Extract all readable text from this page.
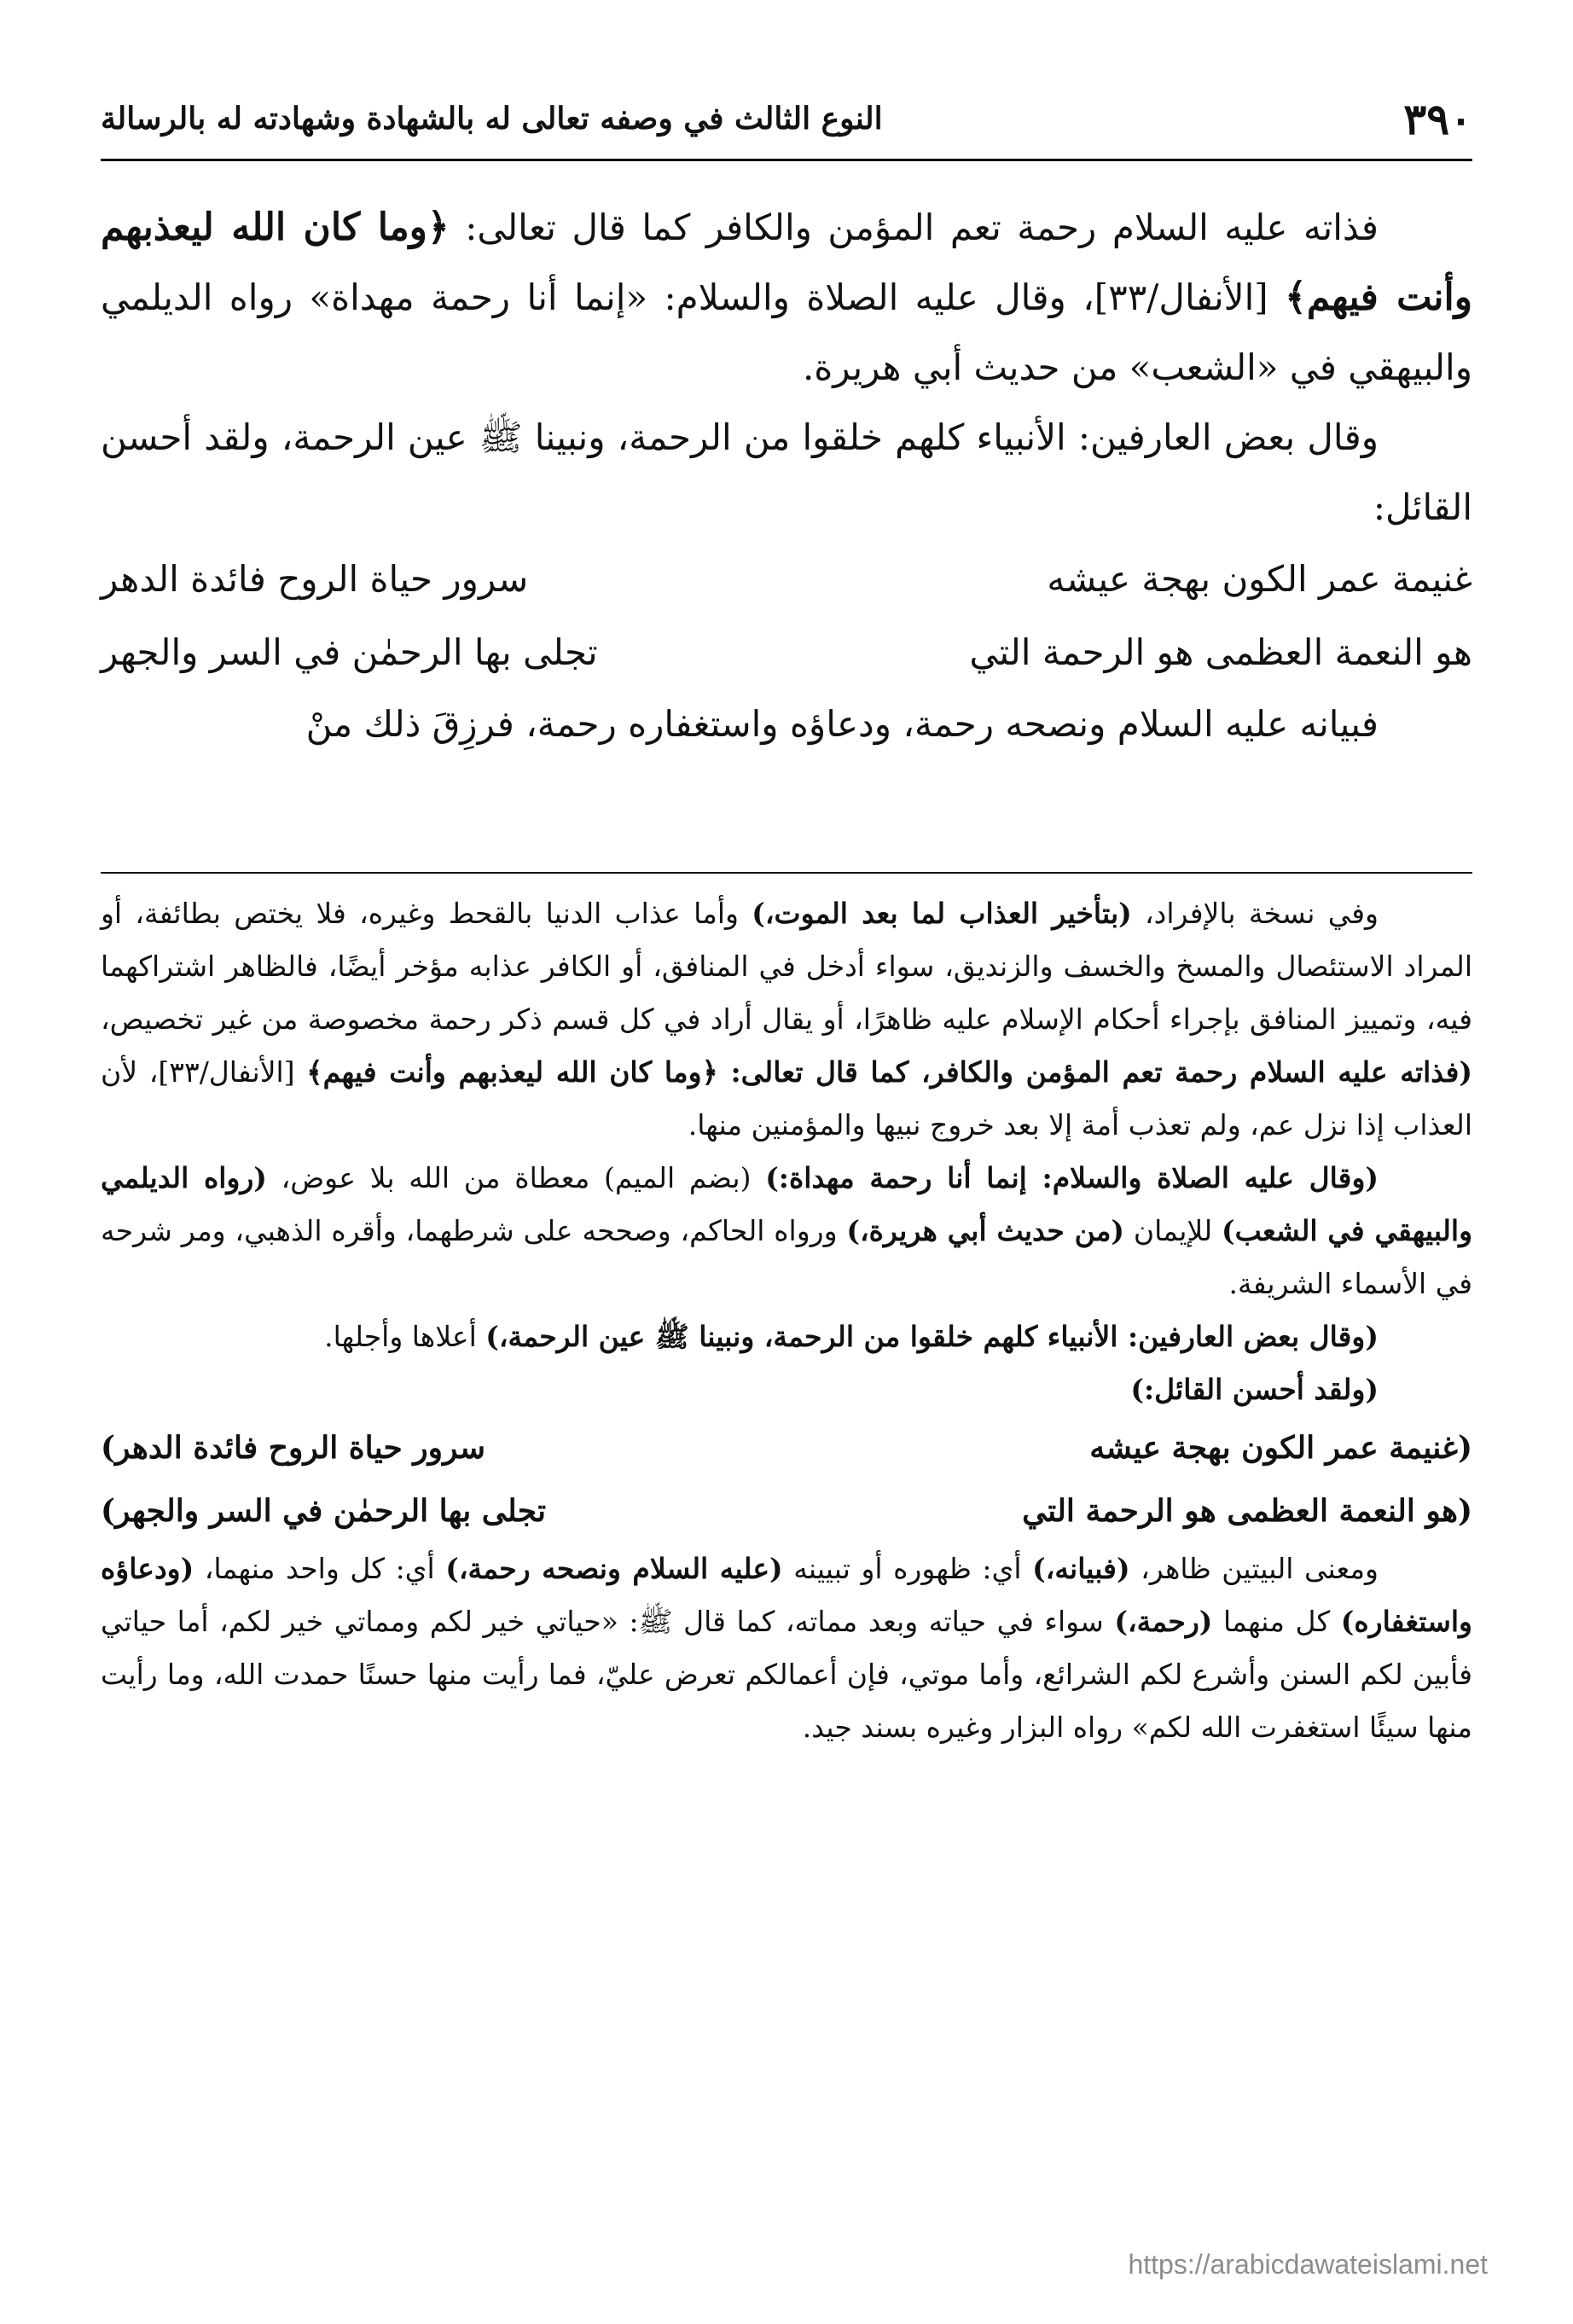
٣٩٠
النوع الثالث في وصفه تعالى له بالشهادة وشهادته له بالرسالة

فذاته عليه السلام رحمة تعم المؤمن والكافر كما قال تعالى: ﴿وما كان الله ليعذبهم وأنت فيهم﴾ [الأنفال/٣٣]، وقال عليه الصلاة والسلام: «إنما أنا رحمة مهداة» رواه الديلمي والبيهقي في «الشعب» من حديث أبي هريرة.

وقال بعض العارفين: الأنبياء كلهم خلقوا من الرحمة، ونبينا ﷺ عين الرحمة، ولقد أحسن القائل:

غنيمة عمر الكون بهجة عيشه
سرور حياة الروح فائدة الدهر
هو النعمة العظمى هو الرحمة التي
تجلى بها الرحمٰن في السر والجهر

فبيانه عليه السلام ونصحه رحمة، ودعاؤه واستغفاره رحمة، فرزِقَ ذلك منْ

وفي نسخة بالإفراد، (بتأخير العذاب لما بعد الموت،) وأما عذاب الدنيا بالقحط وغيره، فلا يختص بطائفة، أو المراد الاستئصال والمسخ والخسف والزنديق، سواء أدخل في المنافق، أو الكافر عذابه مؤخر أيضًا، فالظاهر اشتراكهما فيه، وتمييز المنافق بإجراء أحكام الإسلام عليه ظاهرًا، أو يقال أراد في كل قسم ذكر رحمة مخصوصة من غير تخصيص، (فذاته عليه السلام رحمة تعم المؤمن والكافر، كما قال تعالى: ﴿وما كان الله ليعذبهم وأنت فيهم﴾ [الأنفال/٣٣]، لأن العذاب إذا نزل عم، ولم تعذب أمة إلا بعد خروج نبيها والمؤمنين منها.

(وقال عليه الصلاة والسلام: إنما أنا رحمة مهداة:) (بضم الميم) معطاة من الله بلا عوض، (رواه الديلمي والبيهقي في الشعب) للإيمان (من حديث أبي هريرة،) ورواه الحاكم، وصححه على شرطهما، وأقره الذهبي، ومر شرحه في الأسماء الشريفة.

(وقال بعض العارفين: الأنبياء كلهم خلقوا من الرحمة، ونبينا ﷺ عين الرحمة،) أعلاها وأجلها.

(ولقد أحسن القائل:)

(غنيمة عمر الكون بهجة عيشه
سرور حياة الروح فائدة الدهر)
(هو النعمة العظمى هو الرحمة التي
تجلى بها الرحمٰن في السر والجهر)

ومعنى البيتين ظاهر، (فبيانه،) أي: ظهوره أو تبيينه (عليه السلام ونصحه رحمة،) أي: كل واحد منهما، (ودعاؤه واستغفاره) كل منهما (رحمة،) سواء في حياته وبعد مماته، كما قال ﷺ: «حياتي خير لكم ومماتي خير لكم، أما حياتي فأبين لكم السنن وأشرع لكم الشرائع، وأما موتي، فإن أعمالكم تعرض عليّ، فما رأيت منها حسنًا حمدت الله، وما رأيت منها سيئًا استغفرت الله لكم» رواه البزار وغيره بسند جيد.

https://arabicdawateislami.net
